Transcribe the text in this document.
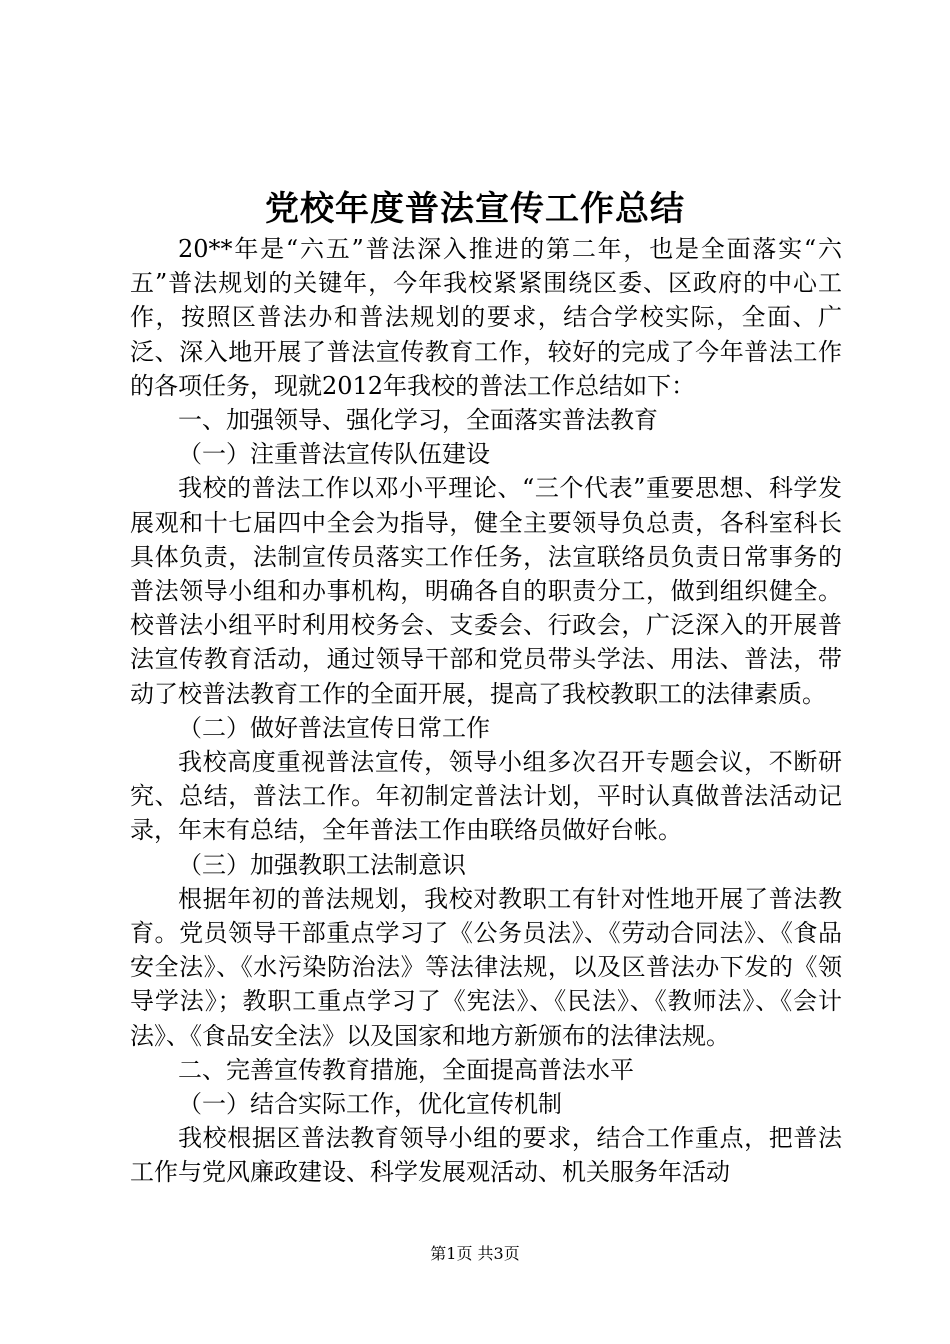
党校年度普法宣传工作总结

20**年是“六五”普法深入推进的第二年，也是全面落实“六五”普法规划的关键年，今年我校紧紧围绕区委、区政府的中心工作，按照区普法办和普法规划的要求，结合学校实际，全面、广泛、深入地开展了普法宣传教育工作，较好的完成了今年普法工作的各项任务，现就2012年我校的普法工作总结如下：

一、加强领导、强化学习，全面落实普法教育

（一）注重普法宣传队伍建设

我校的普法工作以邓小平理论、“三个代表”重要思想、科学发展观和十七届四中全会为指导，健全主要领导负总责，各科室科长具体负责，法制宣传员落实工作任务，法宣联络员负责日常事务的普法领导小组和办事机构，明确各自的职责分工，做到组织健全。校普法小组平时利用校务会、支委会、行政会，广泛深入的开展普法宣传教育活动，通过领导干部和党员带头学法、用法、普法，带动了校普法教育工作的全面开展，提高了我校教职工的法律素质。

（二）做好普法宣传日常工作

我校高度重视普法宣传，领导小组多次召开专题会议，不断研究、总结，普法工作。年初制定普法计划，平时认真做普法活动记录，年末有总结，全年普法工作由联络员做好台帐。

（三）加强教职工法制意识

根据年初的普法规划，我校对教职工有针对性地开展了普法教育。党员领导干部重点学习了《公务员法》、《劳动合同法》、《食品安全法》、《水污染防治法》等法律法规，以及区普法办下发的《领导学法》；教职工重点学习了《宪法》、《民法》、《教师法》、《会计法》、《食品安全法》以及国家和地方新颁布的法律法规。

二、完善宣传教育措施，全面提高普法水平

（一）结合实际工作，优化宣传机制

我校根据区普法教育领导小组的要求，结合工作重点，把普法工作与党风廉政建设、科学发展观活动、机关服务年活动

第1页 共3页
